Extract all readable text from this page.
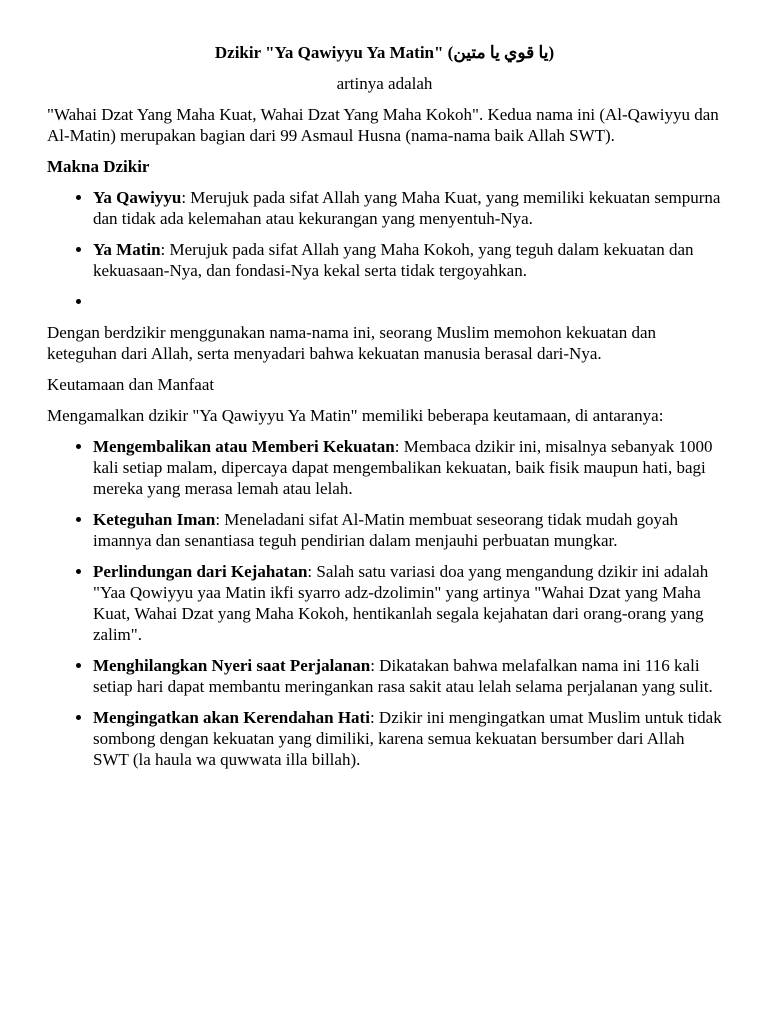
Dzikir "Ya Qawiyyu Ya Matin" (يا قوي يا متين)

artinya adalah

"Wahai Dzat Yang Maha Kuat, Wahai Dzat Yang Maha Kokoh". Kedua nama ini (Al-Qawiyyu dan Al-Matin) merupakan bagian dari 99 Asmaul Husna (nama-nama baik Allah SWT).

Makna Dzikir

• Ya Qawiyyu: Merujuk pada sifat Allah yang Maha Kuat, yang memiliki kekuatan sempurna dan tidak ada kelemahan atau kekurangan yang menyentuh-Nya.
• Ya Matin: Merujuk pada sifat Allah yang Maha Kokoh, yang teguh dalam kekuatan dan kekuasaan-Nya, dan fondasi-Nya kekal serta tidak tergoyahkan.
• ​

Dengan berdzikir menggunakan nama-nama ini, seorang Muslim memohon kekuatan dan keteguhan dari Allah, serta menyadari bahwa kekuatan manusia berasal dari-Nya.

Keutamaan dan Manfaat

Mengamalkan dzikir "Ya Qawiyyu Ya Matin" memiliki beberapa keutamaan, di antaranya:

• Mengembalikan atau Memberi Kekuatan: Membaca dzikir ini, misalnya sebanyak 1000 kali setiap malam, dipercaya dapat mengembalikan kekuatan, baik fisik maupun hati, bagi mereka yang merasa lemah atau lelah.
• Keteguhan Iman: Meneladani sifat Al-Matin membuat seseorang tidak mudah goyah imannya dan senantiasa teguh pendirian dalam menjauhi perbuatan mungkar.
• Perlindungan dari Kejahatan: Salah satu variasi doa yang mengandung dzikir ini adalah "Yaa Qowiyyu yaa Matin ikfi syarro adz-dzolimin" yang artinya "Wahai Dzat yang Maha Kuat, Wahai Dzat yang Maha Kokoh, hentikanlah segala kejahatan dari orang-orang yang zalim".
• Menghilangkan Nyeri saat Perjalanan: Dikatakan bahwa melafalkan nama ini 116 kali setiap hari dapat membantu meringankan rasa sakit atau lelah selama perjalanan yang sulit.
• Mengingatkan akan Kerendahan Hati: Dzikir ini mengingatkan umat Muslim untuk tidak sombong dengan kekuatan yang dimiliki, karena semua kekuatan bersumber dari Allah SWT (la haula wa quwwata illa billah).
